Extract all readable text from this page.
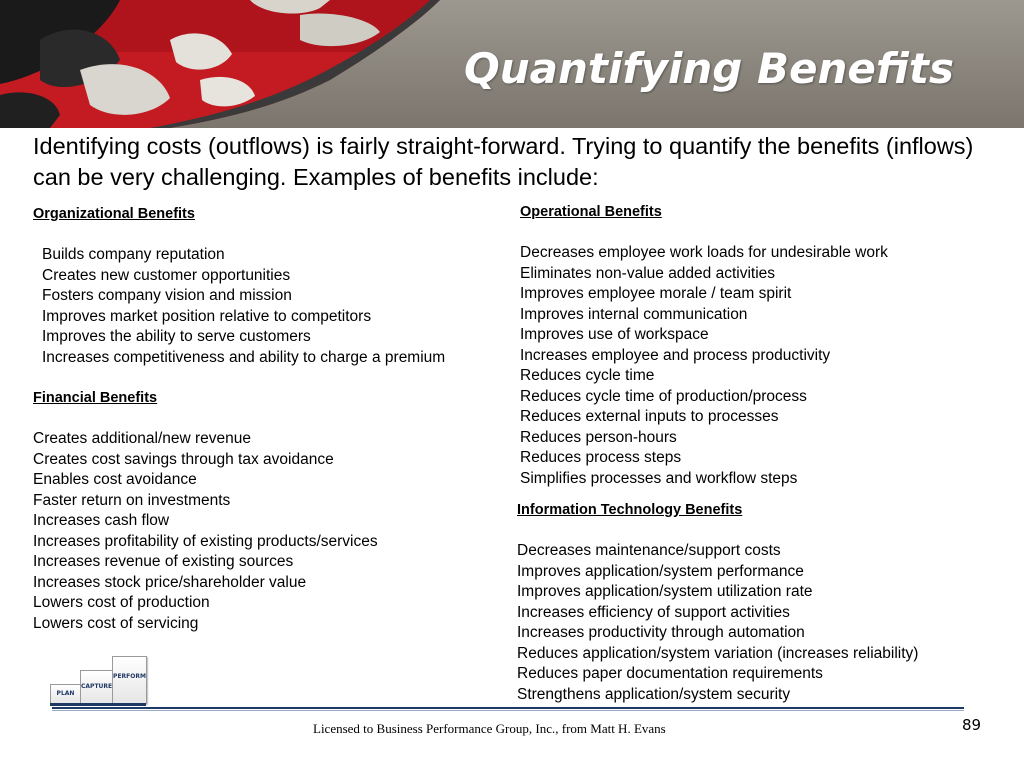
Quantifying Benefits
Identifying costs (outflows) is fairly straight-forward. Trying to quantify the benefits (inflows) can be very challenging. Examples of benefits include:
Organizational Benefits
Builds company reputation
Creates new customer opportunities
Fosters company vision and mission
Improves market position relative to competitors
Improves the ability to serve customers
Increases competitiveness and ability to charge a premium
Financial Benefits
Creates additional/new revenue
Creates cost savings through tax avoidance
Enables cost avoidance
Faster return on investments
Increases cash flow
Increases profitability of existing products/services
Increases revenue of existing sources
Increases stock price/shareholder value
Lowers cost of production
Lowers cost of servicing
Operational Benefits
Decreases employee work loads for undesirable work
Eliminates non-value added activities
Improves employee morale / team spirit
Improves internal communication
Improves use of workspace
Increases employee and process productivity
Reduces cycle time
Reduces cycle time of production/process
Reduces external inputs to processes
Reduces person-hours
Reduces process steps
Simplifies processes and workflow steps
Information Technology Benefits
Decreases maintenance/support costs
Improves application/system performance
Improves application/system utilization rate
Increases efficiency of support activities
Increases productivity through automation
Reduces application/system variation (increases reliability)
Reduces paper documentation requirements
Strengthens application/system security
PLAN
CAPTURE
PERFORM
Licensed to Business Performance Group, Inc., from Matt H. Evans	89
